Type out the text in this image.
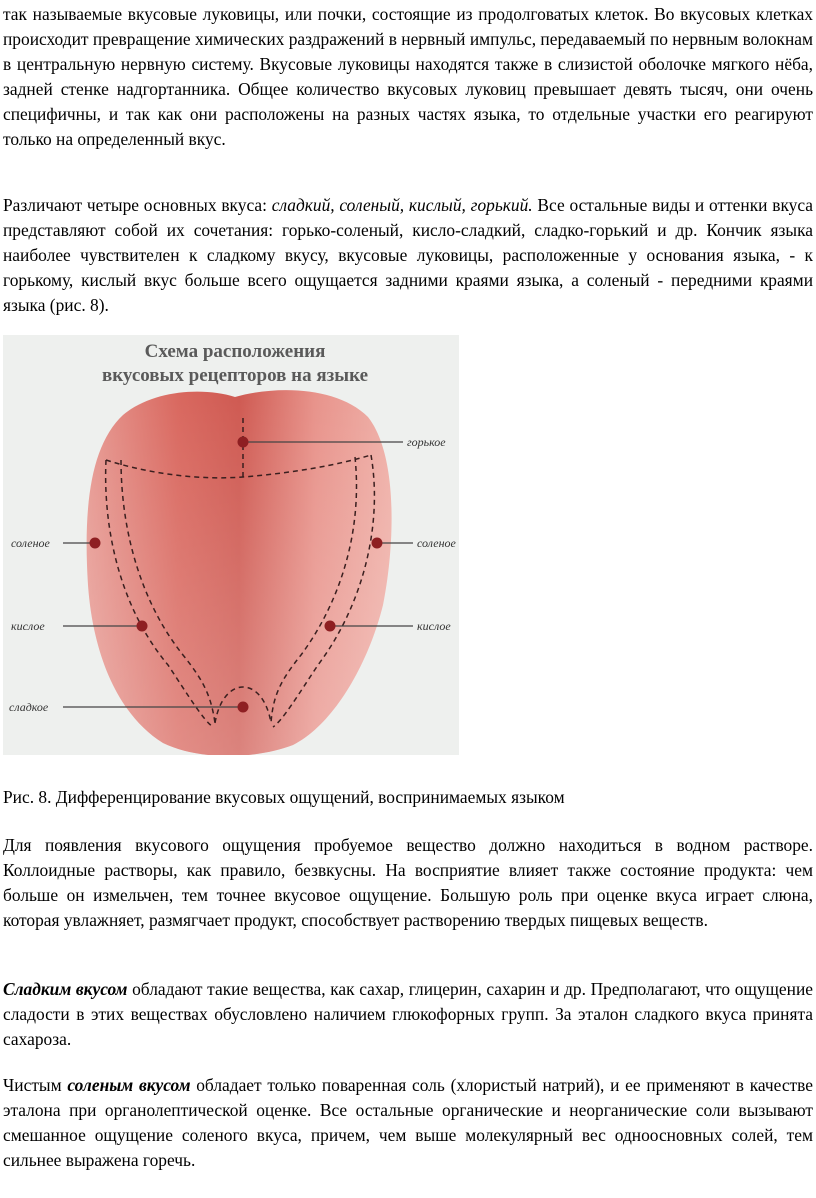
так называемые вкусовые луковицы, или почки, состоящие из продолговатых клеток. Во вкусовых клетках происходит превращение химических раздражений в нервный импульс, передаваемый по нервным волокнам в центральную нервную систему. Вкусовые луковицы находятся также в слизистой оболочке мягкого нёба, задней стенке надгортанника. Общее количество вкусовых луковиц превышает девять тысяч, они очень специфичны, и так как они расположены на разных частях языка, то отдельные участки его реагируют только на определенный вкус.

Различают четыре основных вкуса: сладкий, соленый, кислый, горький. Все остальные виды и оттенки вкуса представляют собой их сочетания: горько-соленый, кисло-сладкий, сладко-горький и др. Кончик языка наиболее чувствителен к сладкому вкусу, вкусовые луковицы, расположенные у основания языка, - к горькому, кислый вкус больше всего ощущается задними краями языка, а соленый - передними краями языка (рис. 8).

Схема расположения
вкусовых рецепторов на языке
горькое
соленое	соленое
кислое	кислое
сладкое

Рис. 8. Дифференцирование вкусовых ощущений, воспринимаемых языком

Для появления вкусового ощущения пробуемое вещество должно находиться в водном растворе. Коллоидные растворы, как правило, безвкусны. На восприятие влияет также состояние продукта: чем больше он измельчен, тем точнее вкусовое ощущение. Большую роль при оценке вкуса играет слюна, которая увлажняет, размягчает продукт, способствует растворению твердых пищевых веществ.

Сладким вкусом обладают такие вещества, как сахар, глицерин, сахарин и др. Предполагают, что ощущение сладости в этих веществах обусловлено наличием глюкофорных групп. За эталон сладкого вкуса принята сахароза.

Чистым соленым вкусом обладает только поваренная соль (хлористый натрий), и ее применяют в качестве эталона при органолептической оценке. Все остальные органические и неорганические соли вызывают смешанное ощущение соленого вкуса, причем, чем выше молекулярный вес одноосновных солей, тем сильнее выражена горечь.
